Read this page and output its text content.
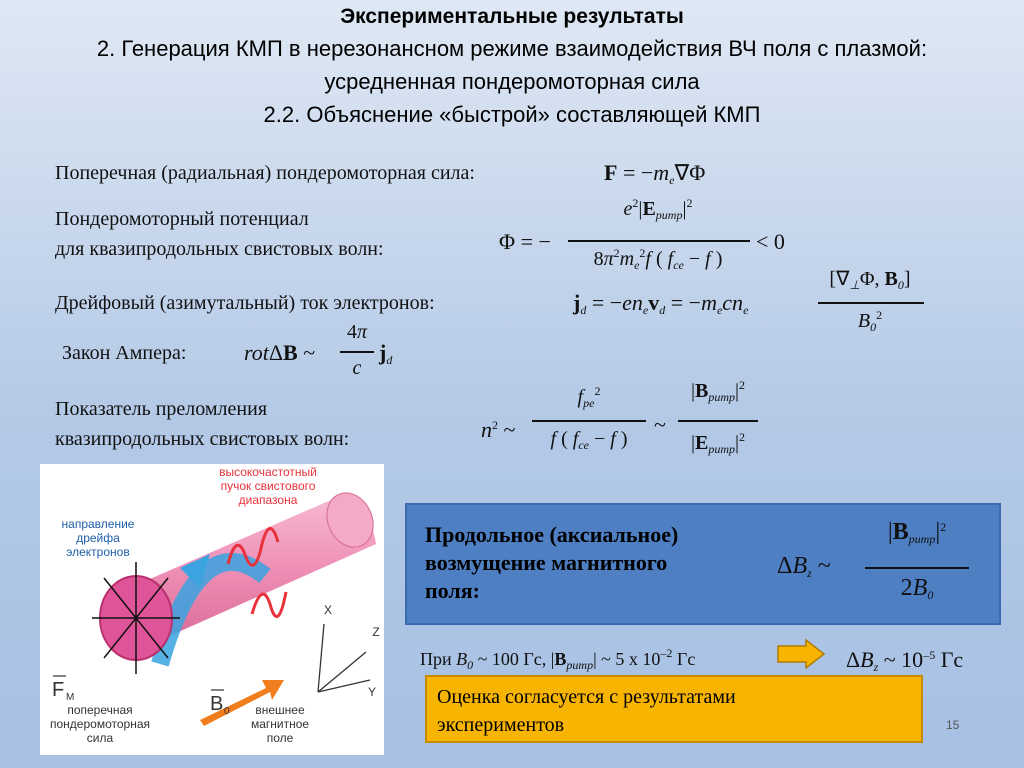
Экспериментальные результаты
2. Генерация КМП в нерезонансном режиме взаимодействия ВЧ поля с плазмой:
усредненная пондеромоторная сила
2.2. Объяснение «быстрой» составляющей КМП
Поперечная (радиальная) пондеромоторная сила:	$F = -m_e\nabla\Phi$
Пондеромоторный потенциал
для квазипродольных свистовых волн:	Φ = −
$e^2|E_{pump}|^2$
$8\pi^2m_e^2f$ ( $f_{ce} - f$ )
< 0
Дрейфовый (азимутальный) ток электронов:	$j_d = -en_ev_d = -m_ecn_e$
[$\nabla_\perp\Phi$, $B_0$]
$B_0^2$
Закон Ампера:	rotΔB ~
4π
c
$j_d$
Показатель преломления
квазипродольных свистовых волн:	$n^2$ ~
$f_{pe}^2$
f ( $f_{ce} - f$ )
~
$|B_{pump}|^2$
$|E_{pump}|^2$
высокочастотный
пучок свистового
диапазона
направление
дрейфа
электронов
X
Z
Y
поперечная
пондеромоторная
сила
внешнее
магнитное
поле
F M	B 0
Продольное (аксиальное)
возмущение магнитного
поля:
$\Delta B_z$ ~
$|B_{pump}|^2$
$2B_0$
При $B_0$ ~ 100 Гс, $|B_{pump}|$ ~ 5 х $10^{-2}$ Гс	$\Delta B_z$ ~ $10^{-5}$ Гс
Оценка согласуется с результатами
экспериментов	15
